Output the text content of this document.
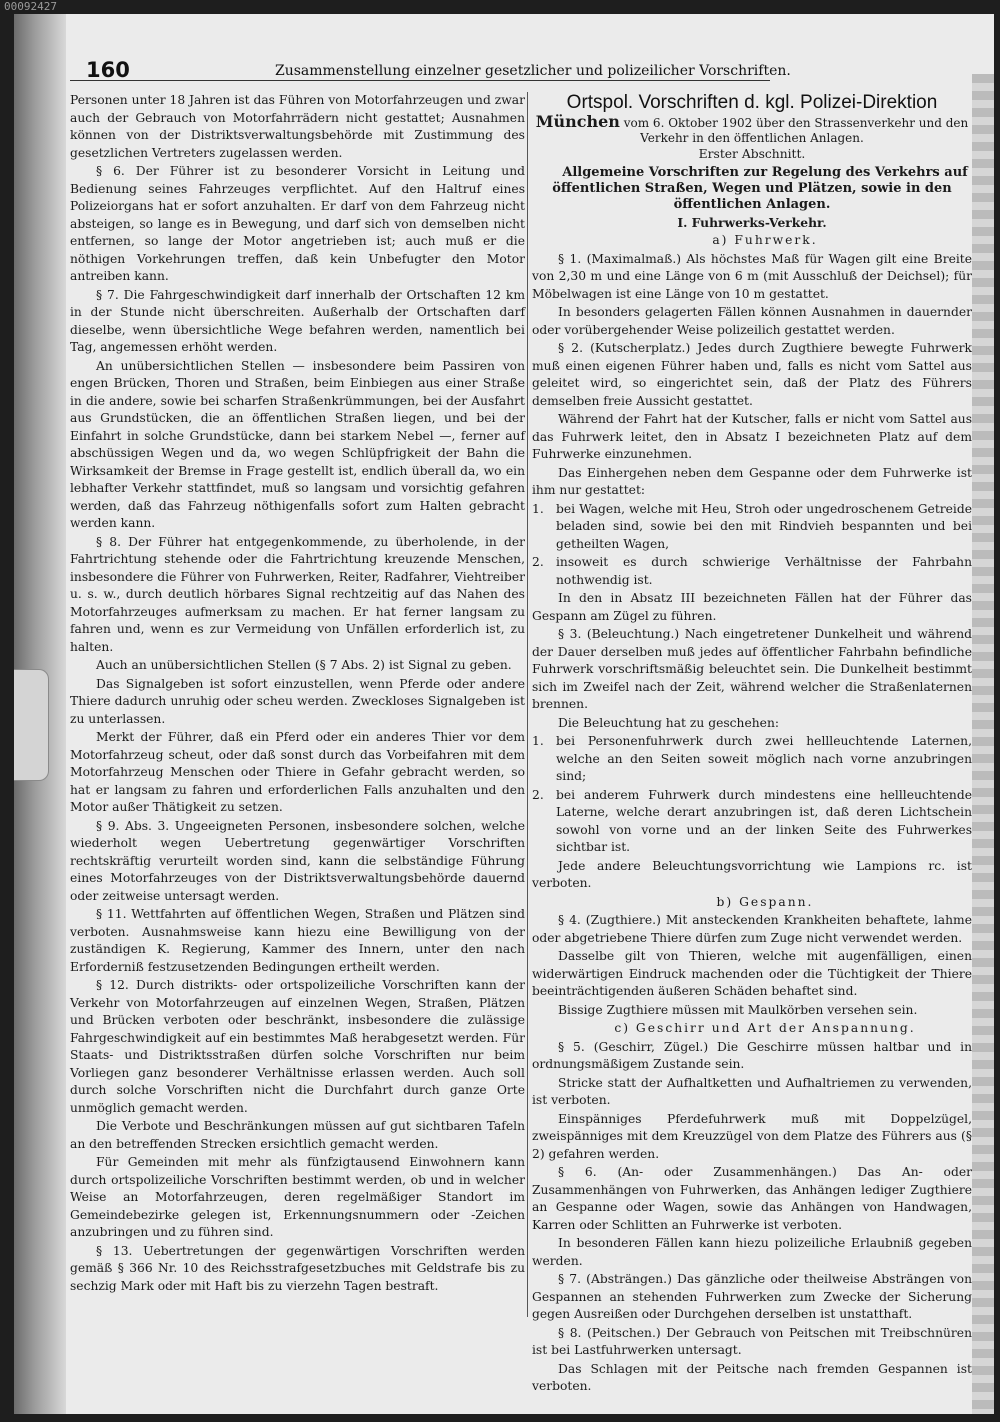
00092427
160	Zusammenstellung einzelner gesetzlicher und polizeilicher Vorschriften.

Personen unter 18 Jahren ist das Führen von Motorfahrzeugen und zwar auch der Gebrauch von Motorfahrrädern nicht gestattet; Ausnahmen können von der Distriktsverwaltungsbehörde mit Zustimmung des gesetzlichen Vertreters zugelassen werden.

§ 6. Der Führer ist zu besonderer Vorsicht in Leitung und Bedienung seines Fahrzeuges verpflichtet. Auf den Haltruf eines Polizeiorgans hat er sofort anzuhalten. Er darf von dem Fahrzeug nicht absteigen, so lange es in Bewegung, und darf sich von demselben nicht entfernen, so lange der Motor angetrieben ist; auch muß er die nöthigen Vorkehrungen treffen, daß kein Unbefugter den Motor antreiben kann.

§ 7. Die Fahrgeschwindigkeit darf innerhalb der Ortschaften 12 km in der Stunde nicht überschreiten. Außerhalb der Ortschaften darf dieselbe, wenn übersichtliche Wege befahren werden, namentlich bei Tag, angemessen erhöht werden.

An unübersichtlichen Stellen — insbesondere beim Passiren von engen Brücken, Thoren und Straßen, beim Einbiegen aus einer Straße in die andere, sowie bei scharfen Straßenkrümmungen, bei der Ausfahrt aus Grundstücken, die an öffentlichen Straßen liegen, und bei der Einfahrt in solche Grundstücke, dann bei starkem Nebel —, ferner auf abschüssigen Wegen und da, wo wegen Schlüpfrigkeit der Bahn die Wirksamkeit der Bremse in Frage gestellt ist, endlich überall da, wo ein lebhafter Verkehr stattfindet, muß so langsam und vorsichtig gefahren werden, daß das Fahrzeug nöthigenfalls sofort zum Halten gebracht werden kann.

§ 8. Der Führer hat entgegenkommende, zu überholende, in der Fahrtrichtung stehende oder die Fahrtrichtung kreuzende Menschen, insbesondere die Führer von Fuhrwerken, Reiter, Radfahrer, Viehtreiber u. s. w., durch deutlich hörbares Signal rechtzeitig auf das Nahen des Motorfahrzeuges aufmerksam zu machen. Er hat ferner langsam zu fahren und, wenn es zur Vermeidung von Unfällen erforderlich ist, zu halten.

Auch an unübersichtlichen Stellen (§ 7 Abs. 2) ist Signal zu geben.

Das Signalgeben ist sofort einzustellen, wenn Pferde oder andere Thiere dadurch unruhig oder scheu werden. Zweckloses Signalgeben ist zu unterlassen.

Merkt der Führer, daß ein Pferd oder ein anderes Thier vor dem Motorfahrzeug scheut, oder daß sonst durch das Vorbeifahren mit dem Motorfahrzeug Menschen oder Thiere in Gefahr gebracht werden, so hat er langsam zu fahren und erforderlichen Falls anzuhalten und den Motor außer Thätigkeit zu setzen.

§ 9. Abs. 3. Ungeeigneten Personen, insbesondere solchen, welche wiederholt wegen Uebertretung gegenwärtiger Vorschriften rechtskräftig verurteilt worden sind, kann die selbständige Führung eines Motorfahrzeuges von der Distriktsverwaltungsbehörde dauernd oder zeitweise untersagt werden.

§ 11. Wettfahrten auf öffentlichen Wegen, Straßen und Plätzen sind verboten. Ausnahmsweise kann hiezu eine Bewilligung von der zuständigen K. Regierung, Kammer des Innern, unter den nach Erforderniß festzusetzenden Bedingungen ertheilt werden.

§ 12. Durch distrikts- oder ortspolizeiliche Vorschriften kann der Verkehr von Motorfahrzeugen auf einzelnen Wegen, Straßen, Plätzen und Brücken verboten oder beschränkt, insbesondere die zulässige Fahrgeschwindigkeit auf ein bestimmtes Maß herabgesetzt werden. Für Staats- und Distriktsstraßen dürfen solche Vorschriften nur beim Vorliegen ganz besonderer Verhältnisse erlassen werden. Auch soll durch solche Vorschriften nicht die Durchfahrt durch ganze Orte unmöglich gemacht werden.

Die Verbote und Beschränkungen müssen auf gut sichtbaren Tafeln an den betreffenden Strecken ersichtlich gemacht werden.

Für Gemeinden mit mehr als fünfzigtausend Einwohnern kann durch ortspolizeiliche Vorschriften bestimmt werden, ob und in welcher Weise an Motorfahrzeugen, deren regelmäßiger Standort im Gemeindebezirke gelegen ist, Erkennungsnummern oder -Zeichen anzubringen und zu führen sind.

§ 13. Uebertretungen der gegenwärtigen Vorschriften werden gemäß § 366 Nr. 10 des Reichsstrafgesetzbuches mit Geldstrafe bis zu sechzig Mark oder mit Haft bis zu vierzehn Tagen bestraft.

Ortspol. Vorschriften d. kgl. Polizei-Direktion
München vom 6. Oktober 1902 über den Strassenverkehr und den Verkehr in den öffentlichen Anlagen.

Erster Abschnitt.

Allgemeine Vorschriften zur Regelung des Verkehrs auf öffentlichen Straßen, Wegen und Plätzen, sowie in den öffentlichen Anlagen.

I. Fuhrwerks-Verkehr.

a) Fuhrwerk.

§ 1. (Maximalmaß.) Als höchstes Maß für Wagen gilt eine Breite von 2,30 m und eine Länge von 6 m (mit Ausschluß der Deichsel); für Möbelwagen ist eine Länge von 10 m gestattet.

In besonders gelagerten Fällen können Ausnahmen in dauernder oder vorübergehender Weise polizeilich gestattet werden.

§ 2. (Kutscherplatz.) Jedes durch Zugthiere bewegte Fuhrwerk muß einen eigenen Führer haben und, falls es nicht vom Sattel aus geleitet wird, so eingerichtet sein, daß der Platz des Führers demselben freie Aussicht gestattet.

Während der Fahrt hat der Kutscher, falls er nicht vom Sattel aus das Fuhrwerk leitet, den in Absatz I bezeichneten Platz auf dem Fuhrwerke einzunehmen.

Das Einhergehen neben dem Gespanne oder dem Fuhrwerke ist ihm nur gestattet:

1. bei Wagen, welche mit Heu, Stroh oder ungedroschenem Getreide beladen sind, sowie bei den mit Rindvieh bespannten und bei getheilten Wagen,

2. insoweit es durch schwierige Verhältnisse der Fahrbahn nothwendig ist.

In den in Absatz III bezeichneten Fällen hat der Führer das Gespann am Zügel zu führen.

§ 3. (Beleuchtung.) Nach eingetretener Dunkelheit und während der Dauer derselben muß jedes auf öffentlicher Fahrbahn befindliche Fuhrwerk vorschriftsmäßig beleuchtet sein. Die Dunkelheit bestimmt sich im Zweifel nach der Zeit, während welcher die Straßenlaternen brennen.

Die Beleuchtung hat zu geschehen:

1. bei Personenfuhrwerk durch zwei hellleuchtende Laternen, welche an den Seiten soweit möglich nach vorne anzubringen sind;

2. bei anderem Fuhrwerk durch mindestens eine hellleuchtende Laterne, welche derart anzubringen ist, daß deren Lichtschein sowohl von vorne und an der linken Seite des Fuhrwerkes sichtbar ist.

Jede andere Beleuchtungsvorrichtung wie Lampions rc. ist verboten.

b) Gespann.

§ 4. (Zugthiere.) Mit ansteckenden Krankheiten behaftete, lahme oder abgetriebene Thiere dürfen zum Zuge nicht verwendet werden.

Dasselbe gilt von Thieren, welche mit augenfälligen, einen widerwärtigen Eindruck machenden oder die Tüchtigkeit der Thiere beeinträchtigenden äußeren Schäden behaftet sind.

Bissige Zugthiere müssen mit Maulkörben versehen sein.

c) Geschirr und Art der Anspannung.

§ 5. (Geschirr, Zügel.) Die Geschirre müssen haltbar und in ordnungsmäßigem Zustande sein.

Stricke statt der Aufhaltketten und Aufhaltriemen zu verwenden, ist verboten.

Einspänniges Pferdefuhrwerk muß mit Doppelzügel, zweispänniges mit dem Kreuzzügel von dem Platze des Führers aus (§ 2) gefahren werden.

§ 6. (An- oder Zusammenhängen.) Das An- oder Zusammenhängen von Fuhrwerken, das Anhängen lediger Zugthiere an Gespanne oder Wagen, sowie das Anhängen von Handwagen, Karren oder Schlitten an Fuhrwerke ist verboten.

In besonderen Fällen kann hiezu polizeiliche Erlaubniß gegeben werden.

§ 7. (Absträngen.) Das gänzliche oder theilweise Absträngen von Gespannen an stehenden Fuhrwerken zum Zwecke der Sicherung gegen Ausreißen oder Durchgehen derselben ist unstatthaft.

§ 8. (Peitschen.) Der Gebrauch von Peitschen mit Treibschnüren ist bei Lastfuhrwerken untersagt.

Das Schlagen mit der Peitsche nach fremden Gespannen ist verboten.
